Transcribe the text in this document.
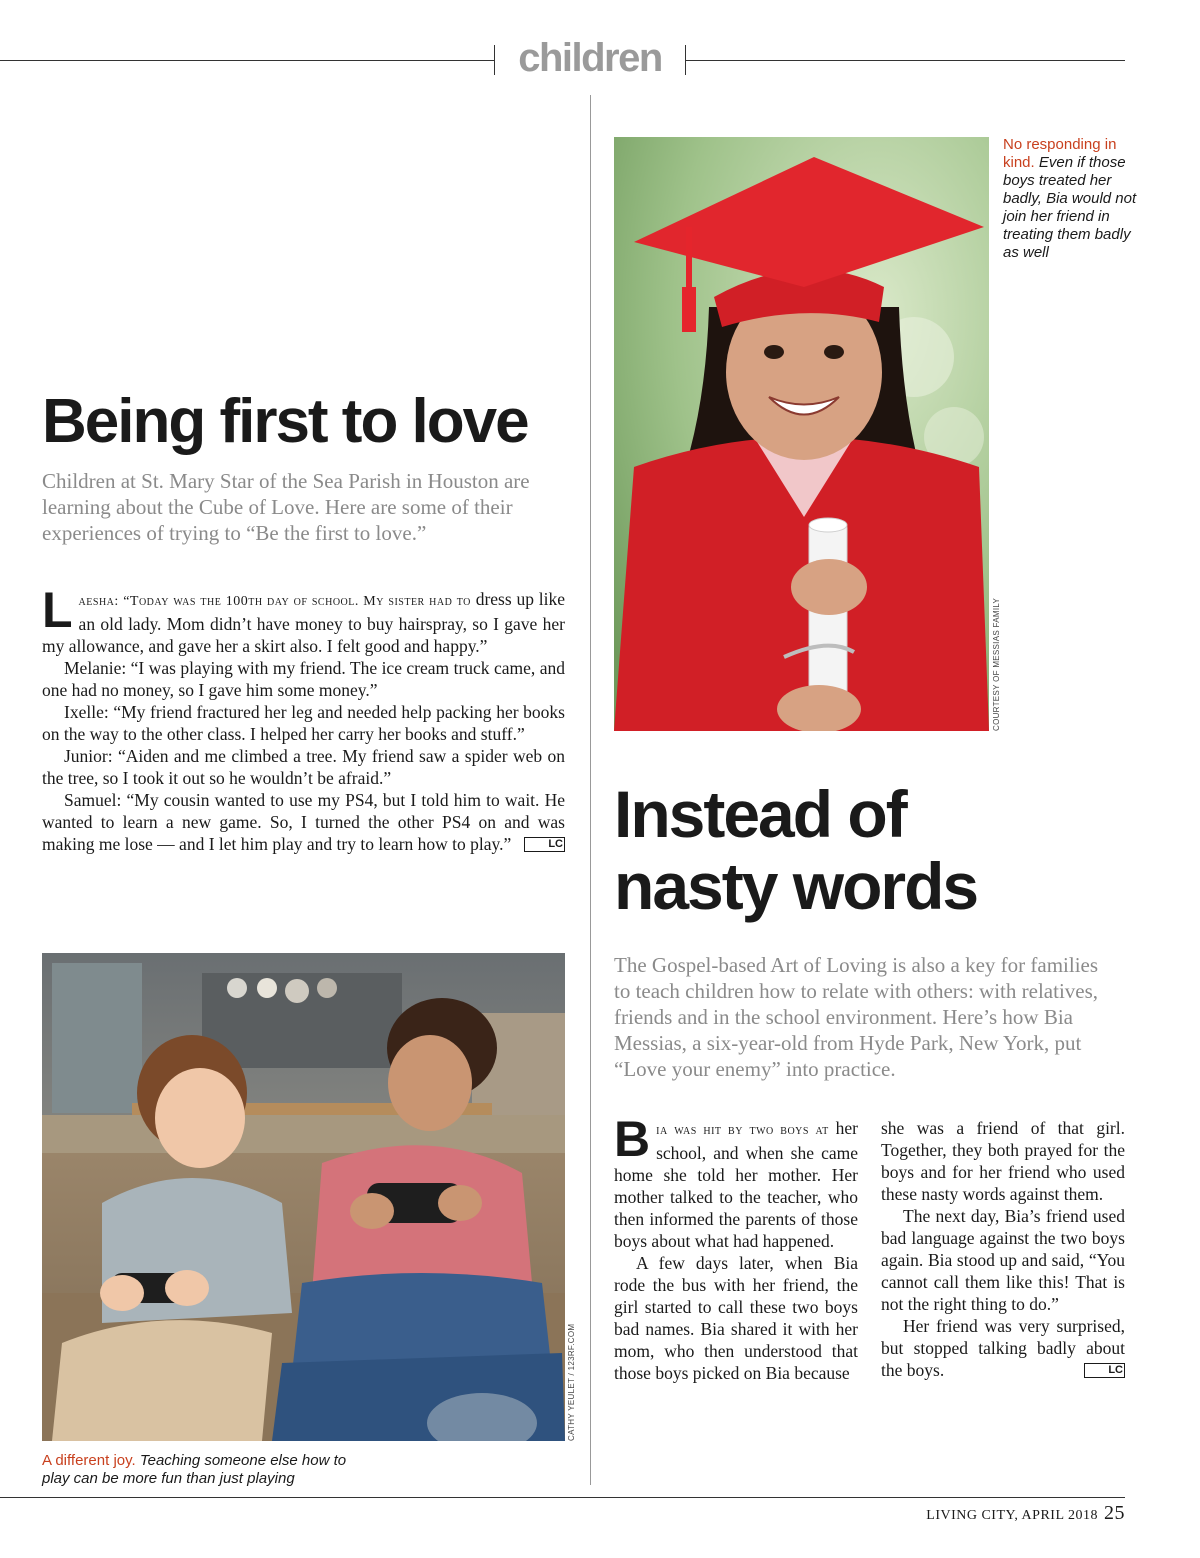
children
Being first to love

Children at St. Mary Star of the Sea Parish in Houston are learning about the Cube of Love. Here are some of their experiences of trying to “Be the first to love.”

Laesha: “Today was the 100th day of school. My sister had to dress up like an old lady. Mom didn’t have money to buy hairspray, so I gave her my allowance, and gave her a skirt also. I felt good and happy.”

Melanie: “I was playing with my friend. The ice cream truck came, and one had no money, so I gave him some money.”

Ixelle: “My friend fractured her leg and needed help packing her books on the way to the other class. I helped her carry her books and stuff.”

Junior: “Aiden and me climbed a tree. My friend saw a spider web on the tree, so I took it out so he wouldn’t be afraid.”

Samuel: “My cousin wanted to use my PS4, but I told him to wait. He wanted to learn a new game. So, I turned the other PS4 on and was making me lose — and I let him play and try to learn how to play.”	LC

CATHY YEULET / 123RF.COM
A different joy. Teaching someone else how to play can be more fun than just playing
COURTESY OF MESSIAS FAMILY
No responding in kind. Even if those boys treated her badly, Bia would not join her friend in treating them badly as well
Instead of
nasty words

The Gospel-based Art of Loving is also a key for families to teach children how to relate with others: with relatives, friends and in the school environment. Here’s how Bia Messias, a six-year-old from Hyde Park, New York, put “Love your enemy” into practice.

Bia was hit by two boys at her school, and when she came home she told her mother. Her mother talked to the teacher, who then informed the parents of those boys about what had happened.

A few days later, when Bia rode the bus with her friend, the girl started to call these two boys bad names. Bia shared it with her mom, who then understood that those boys picked on Bia because

she was a friend of that girl. Together, they both prayed for the boys and for her friend who used these nasty words against them.

The next day, Bia’s friend used bad language against the two boys again. Bia stood up and said, “You cannot call them like this! That is not the right thing to do.”

Her friend was very surprised, but stopped talking badly about the boys.	LC

LIVING CITY, APRIL 2018 25
